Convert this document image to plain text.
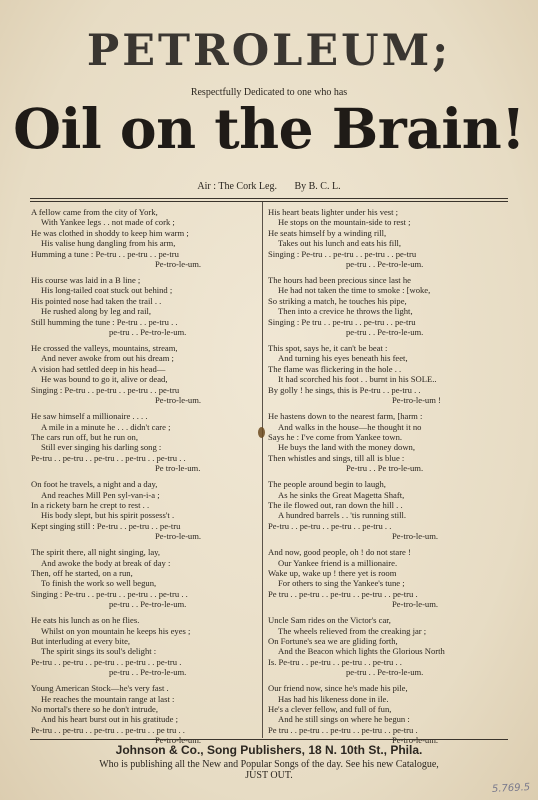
PETROLEUM;
Respectfully Dedicated to one who has
Oil on the Brain!
Air : The Cork Leg. By B. C. L.
A fellow came from the city of York,
With Yankee legs . . not made of cork ;
He was clothed in shoddy to keep him warm ;
His valise hung dangling from his arm,
Humming a tune : Pe-tru . . pe-tru . . pe-tru
Pe-tro-le-um.
His course was laid in a B line ;
His long-tailed coat stuck out behind ;
His pointed nose had taken the trail . .
He rushed along by leg and rail,
Still humming the tune : Pe-tru . . pe-tru . .
pe-tru . . Pe-tro-le-um.
He crossed the valleys, mountains, stream,
And never awoke from out his dream ;
A vision had settled deep in his head—
He was bound to go it, alive or dead,
Singing : Pe-tru . . pe-tru . . pe-tru . . pe-tru
Pe-tro-le-um.
He saw himself a millionaire . . . .
A mile in a minute he . . . didn't care ;
The cars run off, but he run on,
Still ever singing his darling song :
Pe-tru . . pe-tru . . pe-tru . . pe-tru . . pe-tru . .
Pe tro-le-um.
On foot he travels, a night and a day,
And reaches Mill Pen syl-van-i-a ;
In a rickety barn he crept to rest . .
His body slept, but his spirit possess't .
Kept singing still : Pe-tru . . pe-tru . . pe-tru
Pe-tro-le-um.
The spirit there, all night singing, lay,
And awoke the body at break of day :
Then, off he started, on a run,
To finish the work so well begun,
Singing : Pe-tru . . pe-tru . . pe-tru . . pe-tru . .
pe-tru . . Pe-tro-le-um.
He eats his lunch as on he flies.
Whilst on yon mountain he keeps his eyes ;
But interluding at every bite,
The spirit sings its soul's delight :
Pe-tru . . pe-tru . . pe-tru . . pe-tru . . pe-tru .
pe-tru . . Pe-tro-le-um.
Young American Stock—he's very fast .
He reaches the mountain range at last :
No mortal's there so he don't intrude,
And his heart burst out in his gratitude ;
Pe-tru . . pe-tru . . pe-tru . . pe-tru . . pe tru . .
Pe-tro-le-um.
His heart beats lighter under his vest ;
He stops on the mountain-side to rest ;
He seats himself by a winding rill,
Takes out his lunch and eats his fill,
Singing : Pe-tru . . pe-tru . . pe-tru . . pe-tru
pe-tru . . Pe-tro-le-um.
The hours had been precious since last he
He had not taken the time to smoke : [woke,
So striking a match, he touches his pipe,
Then into a crevice he throws the light,
Singing : Pe tru . . pe-tru . . pe-tru . . pe-tru
pe-tru . . Pe-tro-le-um.
This spot, says he, it can't be beat :
And turning his eyes beneath his feet,
The flame was flickering in the hole . .
It had scorched his foot . . burnt in his SOLE..
By golly ! he sings, this is Pe-tru . . pe-tru . .
Pe-tro-le-um !
He hastens down to the nearest farm, [harm :
And walks in the house—he thought it no
Says he : I've come from Yankee town.
He buys the land with the money down,
Then whistles and sings, till all is blue :
Pe-tru . . Pe tro-le-um.
The people around begin to laugh,
As he sinks the Great Magetta Shaft,
The ile flowed out, ran down the hill . .
A hundred barrels . . 'tis running still.
Pe-tru . . pe-tru . . pe-tru . . pe-tru . .
Pe-tro-le-um.
And now, good people, oh ! do not stare !
Our Yankee friend is a millionaire.
Wake up, wake up ! there yet is room
For others to sing the Yankee's tune ;
Pe tru . . pe-tru . . pe-tru . . pe-tru . . pe-tru .
Pe-tro-le-um.
Uncle Sam rides on the Victor's car,
The wheels relieved from the creaking jar ;
On Fortune's sea we are gliding forth,
And the Beacon which lights the Glorious North
Is. Pe-tru . . pe-tru . . pe-tru . . pe-tru . .
pe-tru . . Pe-tro-le-um.
Our friend now, since he's made his pile,
Has had his likeness done in ile.
He's a clever fellow, and full of fun,
And he still sings on where he begun :
Pe tru . . pe-tru . . pe-tru . . pe-tru . . pe-tru .
Pe-tro-le-um.
Johnson & Co., Song Publishers, 18 N. 10th St., Phila.
Who is publishing all the New and Popular Songs of the day. See his new Catalogue,
JUST OUT.
5.769.5
